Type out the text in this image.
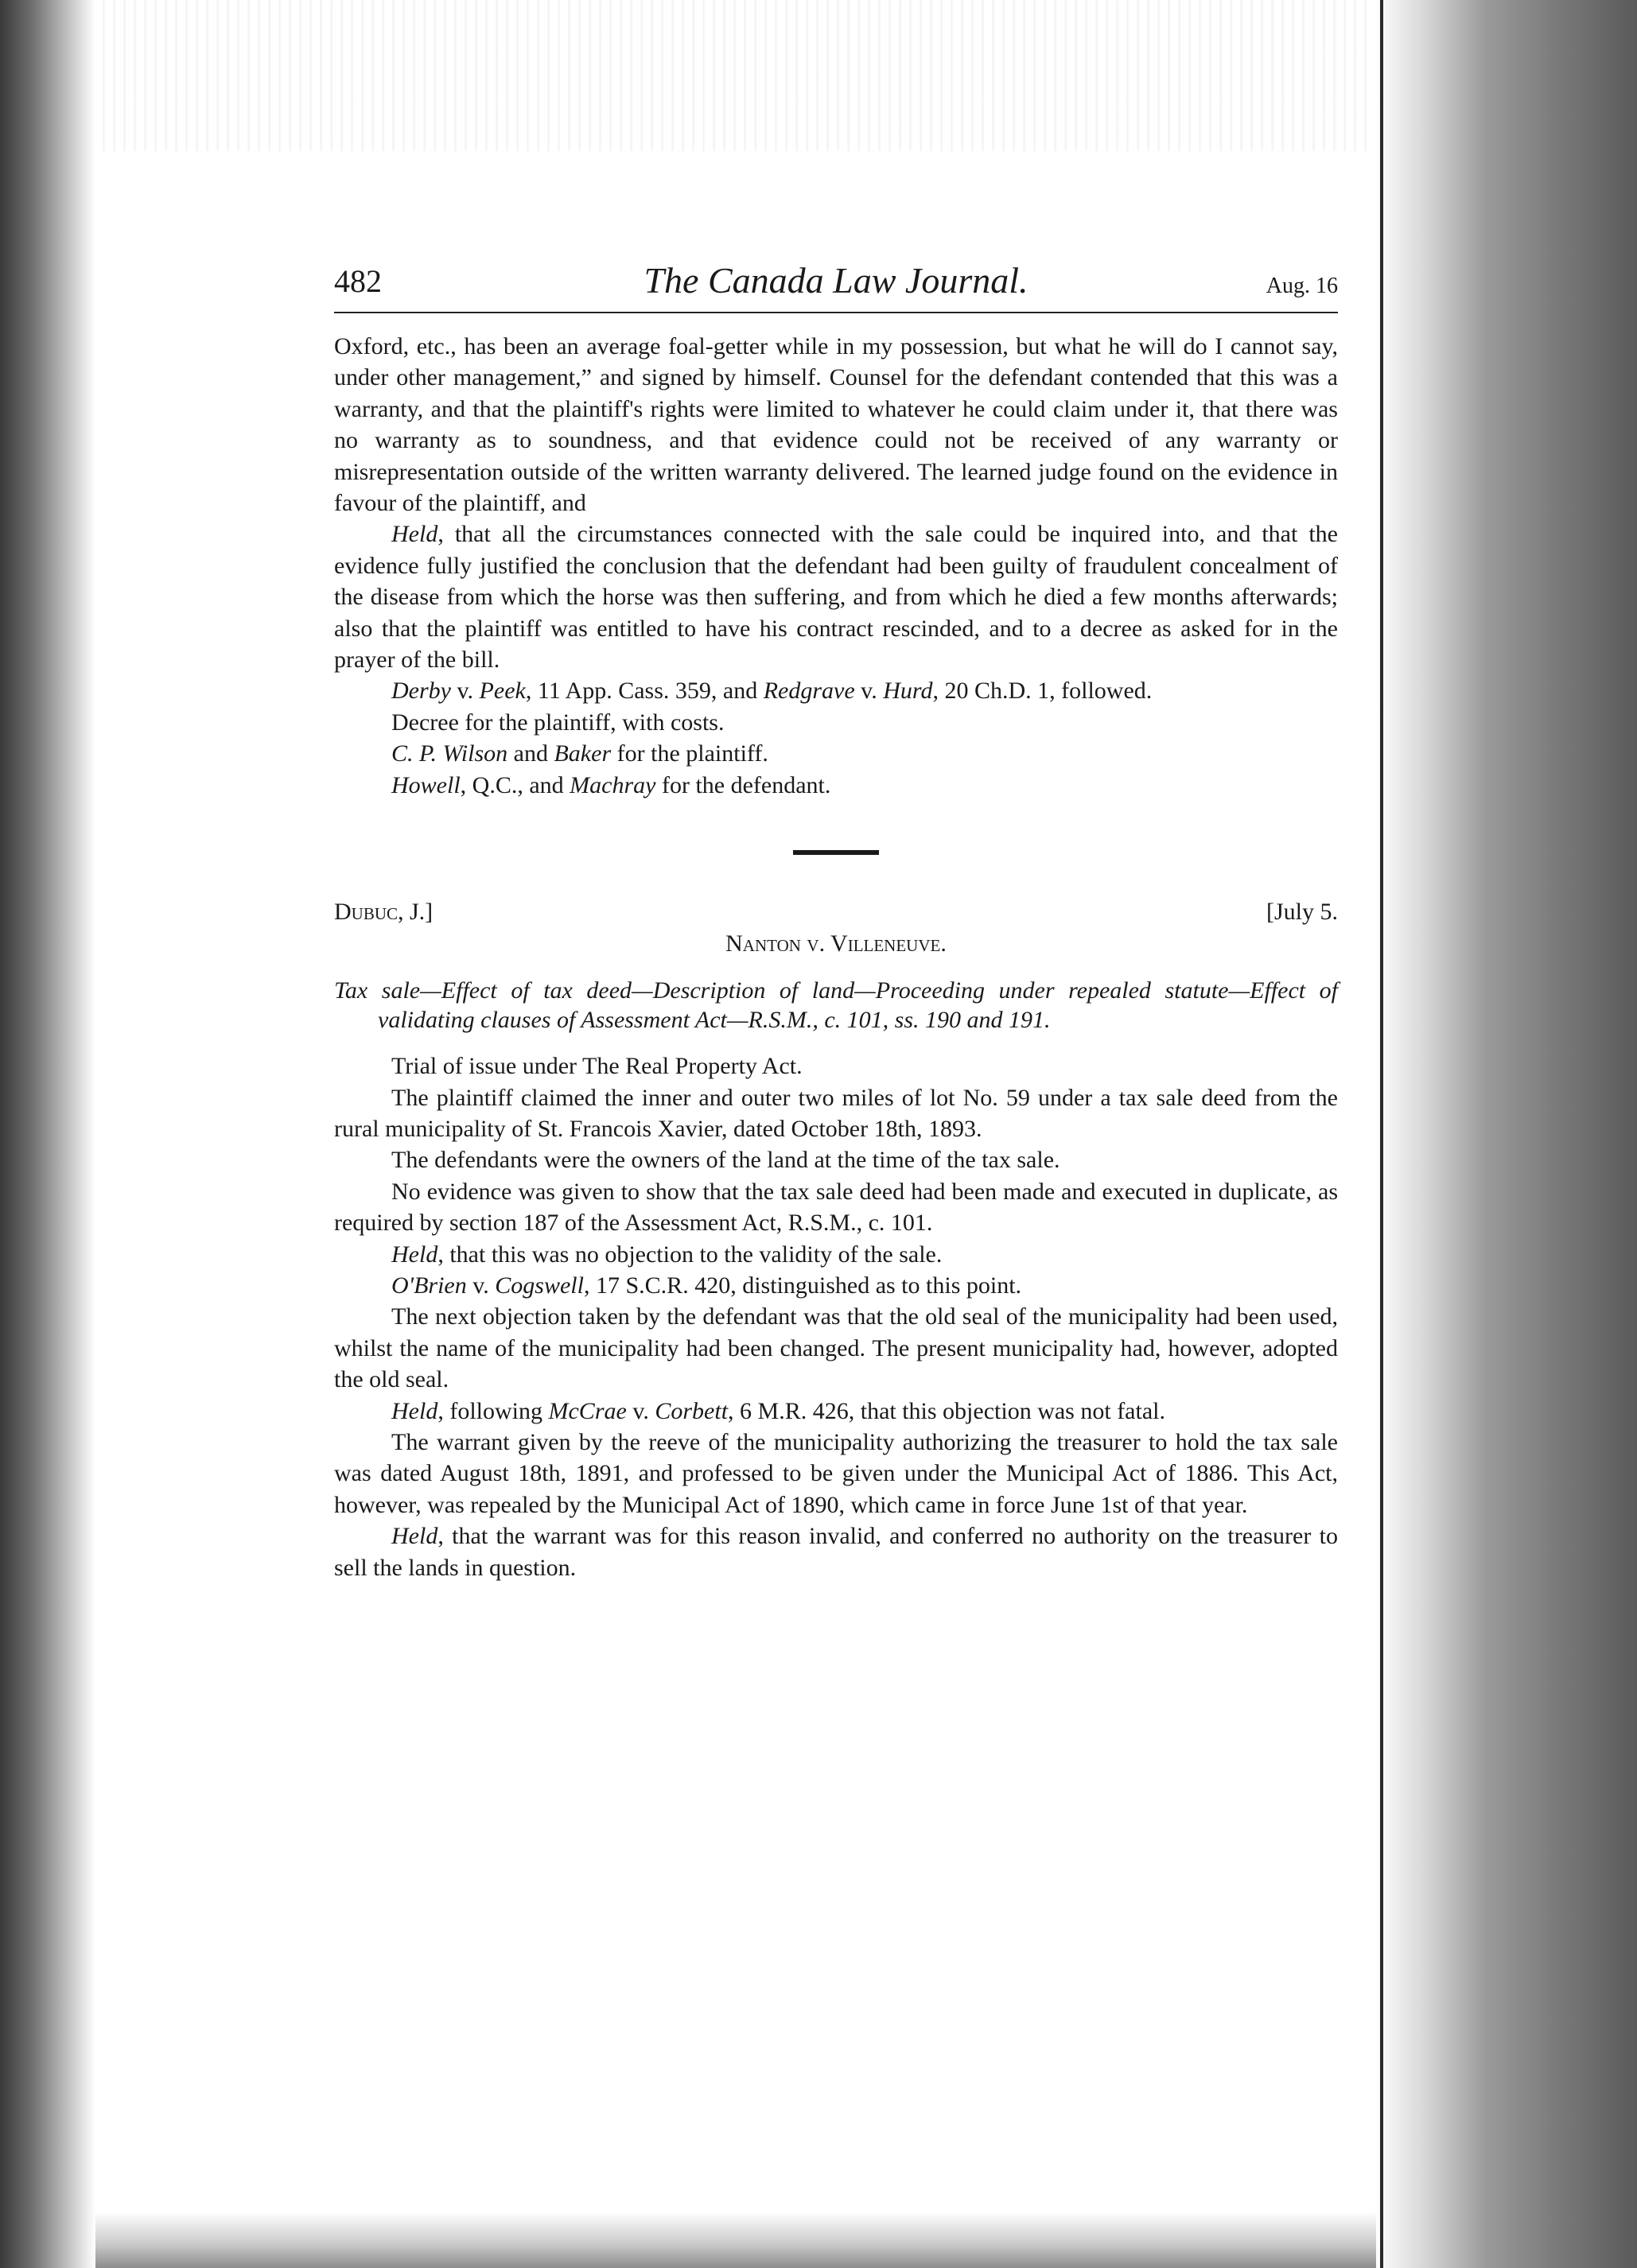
482	The Canada Law Journal.	Aug. 16

Oxford, etc., has been an average foal-getter while in my possession, but what he will do I cannot say, under other management,” and signed by himself. Counsel for the defendant contended that this was a warranty, and that the plaintiff's rights were limited to whatever he could claim under it, that there was no warranty as to soundness, and that evidence could not be received of any warranty or misrepresentation outside of the written warranty delivered. The learned judge found on the evidence in favour of the plaintiff, and

Held, that all the circumstances connected with the sale could be inquired into, and that the evidence fully justified the conclusion that the defendant had been guilty of fraudulent concealment of the disease from which the horse was then suffering, and from which he died a few months afterwards; also that the plaintiff was entitled to have his contract rescinded, and to a decree as asked for in the prayer of the bill.

Derby v. Peek, 11 App. Cass. 359, and Redgrave v. Hurd, 20 Ch.D. 1, followed.

Decree for the plaintiff, with costs.

C. P. Wilson and Baker for the plaintiff.

Howell, Q.C., and Machray for the defendant.

Dubuc, J.]	[July 5.
Nanton v. Villeneuve.
Tax sale—Effect of tax deed—Description of land—Proceeding under repealed statute—Effect of validating clauses of Assessment Act—R.S.M., c. 101, ss. 190 and 191.

Trial of issue under The Real Property Act.

The plaintiff claimed the inner and outer two miles of lot No. 59 under a tax sale deed from the rural municipality of St. Francois Xavier, dated October 18th, 1893.

The defendants were the owners of the land at the time of the tax sale.

No evidence was given to show that the tax sale deed had been made and executed in duplicate, as required by section 187 of the Assessment Act, R.S.M., c. 101.

Held, that this was no objection to the validity of the sale.

O'Brien v. Cogswell, 17 S.C.R. 420, distinguished as to this point.

The next objection taken by the defendant was that the old seal of the municipality had been used, whilst the name of the municipality had been changed. The present municipality had, however, adopted the old seal.

Held, following McCrae v. Corbett, 6 M.R. 426, that this objection was not fatal.

The warrant given by the reeve of the municipality authorizing the treasurer to hold the tax sale was dated August 18th, 1891, and professed to be given under the Municipal Act of 1886. This Act, however, was repealed by the Municipal Act of 1890, which came in force June 1st of that year.

Held, that the warrant was for this reason invalid, and conferred no authority on the treasurer to sell the lands in question.
